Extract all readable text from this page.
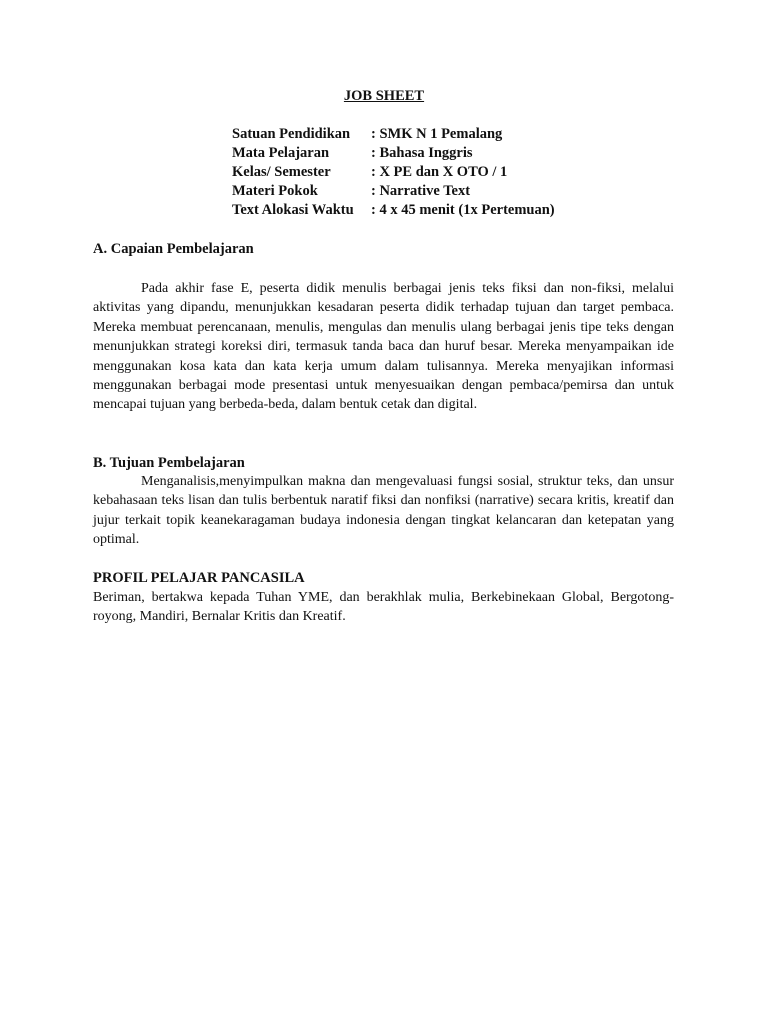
JOB SHEET
Satuan Pendidikan : SMK N 1 Pemalang
Mata Pelajaran	: Bahasa Inggris
Kelas/ Semester	: X PE dan X OTO / 1
Materi Pokok	: Narrative Text
Text Alokasi Waktu : 4 x 45 menit (1x Pertemuan)
A. Capaian Pembelajaran

Pada akhir fase E, peserta didik menulis berbagai jenis teks fiksi dan non-fiksi, melalui aktivitas yang dipandu, menunjukkan kesadaran peserta didik terhadap tujuan dan target pembaca. Mereka membuat perencanaan, menulis, mengulas dan menulis ulang berbagai jenis tipe teks dengan menunjukkan strategi koreksi diri, termasuk tanda baca dan huruf besar. Mereka menyampaikan ide menggunakan kosa kata dan kata kerja umum dalam tulisannya. Mereka menyajikan informasi menggunakan berbagai mode presentasi untuk menyesuaikan dengan pembaca/pemirsa dan untuk mencapai tujuan yang berbeda-beda, dalam bentuk cetak dan digital.

B. Tujuan Pembelajaran

Menganalisis,menyimpulkan makna dan mengevaluasi fungsi sosial, struktur teks, dan unsur kebahasaan teks lisan dan tulis berbentuk naratif fiksi dan nonfiksi (narrative) secara kritis, kreatif dan jujur terkait topik keanekaragaman budaya indonesia dengan tingkat kelancaran dan ketepatan yang optimal.

PROFIL PELAJAR PANCASILA

Beriman, bertakwa kepada Tuhan YME, dan berakhlak mulia, Berkebinekaan Global, Bergotong-royong, Mandiri, Bernalar Kritis dan Kreatif.
